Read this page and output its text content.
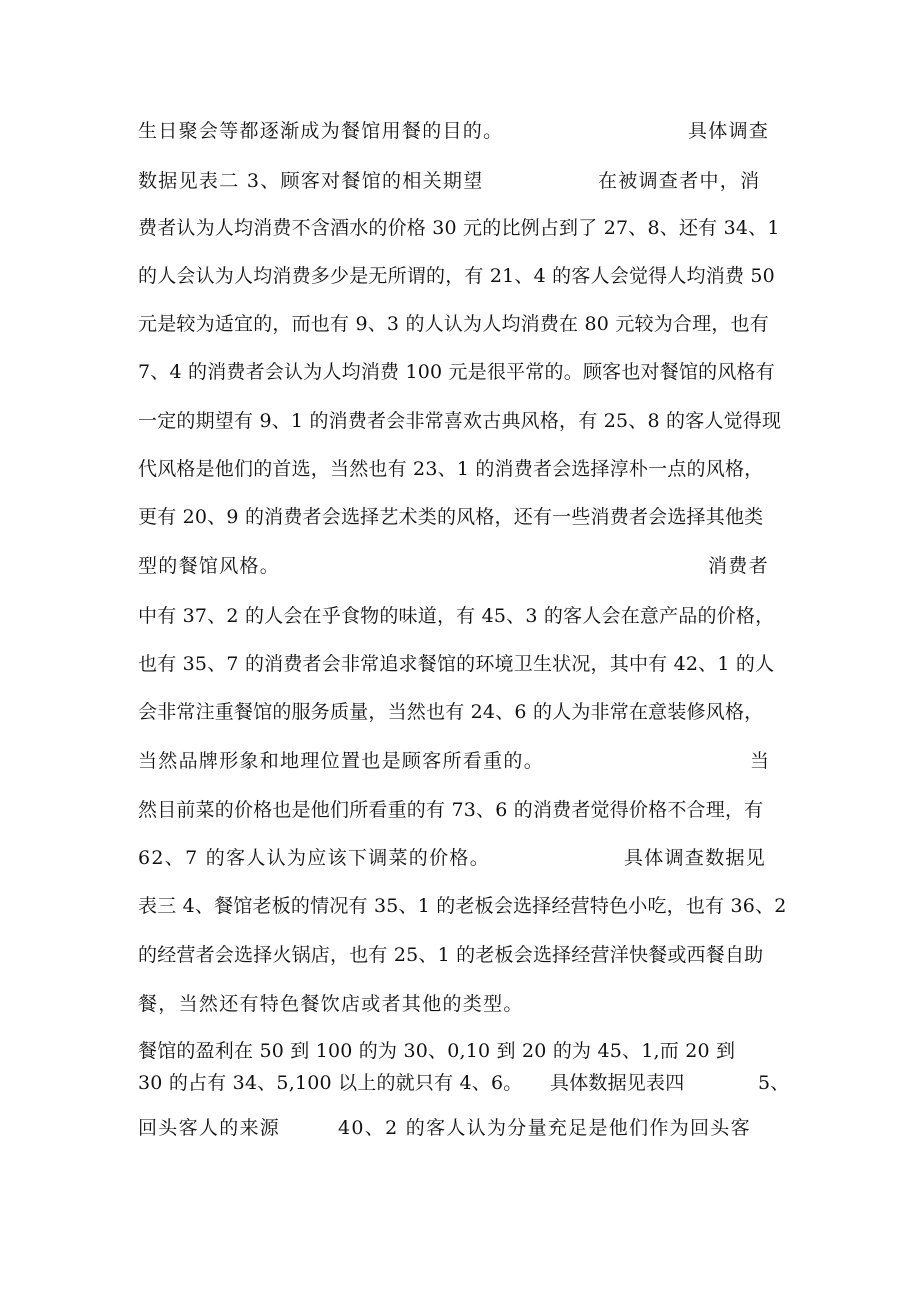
生日聚会等都逐渐成为餐馆用餐的目的。	具体调查
数据见表二 3、顾客对餐馆的相关期望	在被调查者中，消
费者认为人均消费不含酒水的价格 30 元的比例占到了 27、8、还有 34、1
的人会认为人均消费多少是无所谓的，有 21、4 的客人会觉得人均消费 50
元是较为适宜的，而也有 9、3 的人认为人均消费在 80 元较为合理，也有
7、4 的消费者会认为人均消费 100 元是很平常的。顾客也对餐馆的风格有
一定的期望有 9、1 的消费者会非常喜欢古典风格，有 25、8 的客人觉得现
代风格是他们的首选，当然也有 23、1 的消费者会选择淳朴一点的风格，
更有 20、9 的消费者会选择艺术类的风格，还有一些消费者会选择其他类
型的餐馆风格。	消费者
中有 37、2 的人会在乎食物的味道，有 45、3 的客人会在意产品的价格，
也有 35、7 的消费者会非常追求餐馆的环境卫生状况，其中有 42、1 的人
会非常注重餐馆的服务质量，当然也有 24、6 的人为非常在意装修风格，
当然品牌形象和地理位置也是顾客所看重的。	当
然目前菜的价格也是他们所看重的有 73、6 的消费者觉得价格不合理，有
62、7 的客人认为应该下调菜的价格。	具体调查数据见
表三 4、餐馆老板的情况有 35、1 的老板会选择经营特色小吃，也有 36、2
的经营者会选择火锅店，也有 25、1 的老板会选择经营洋快餐或西餐自助
餐，当然还有特色餐饮店或者其他的类型。
餐馆的盈利在 50 到 100 的为 30、0,10 到 20 的为 45、1,而 20 到
30 的占有 34、5,100 以上的就只有 4、6。 具体数据见表四	5、
回头客人的来源	40、2 的客人认为分量充足是他们作为回头客
